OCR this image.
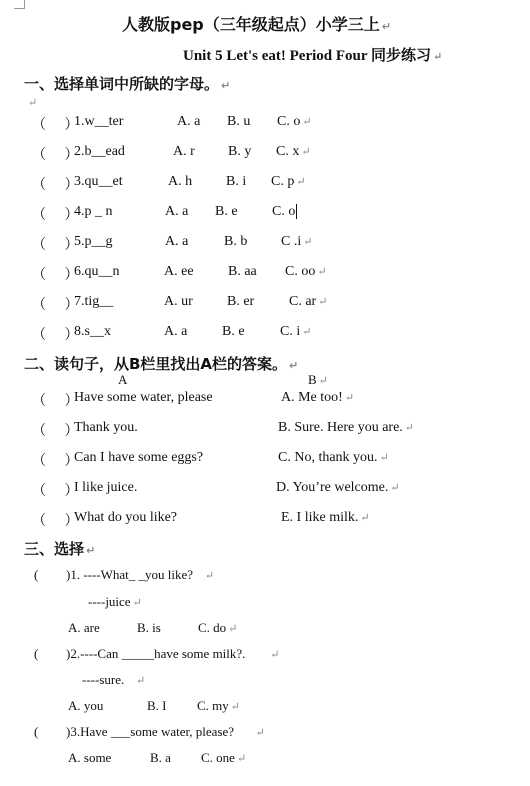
人教版pep（三年级起点）小学三上 ↵
Unit 5 Let's eat! Period Four 同步练习 ↵
一、选择单词中所缺的字母。 ↵
↵
（ ）
1.w__ter	A. a B. u C. o ↵
（ ）
2.b__ead	A. r B. y C. x ↵
（ ）
3.qu__et	A. h B. i C. p ↵
（ ）
4.p _ n	A. a B. e C. o
（ ）
5.p__g	A. a	B. b C .i ↵
（ ）
6.qu__n	A. ee B. aa C. oo ↵
（ ）
7.tig__	A. ur B. er C. ar ↵
（ ）
8.s__x	A. a B. e	C. i ↵
二、读句子，从B栏里找出A栏的答案。 ↵
A	B ↵
（ ）
Have some water, please	A. Me too! ↵
（ ）
Thank you.	B. Sure. Here you are. ↵
（ ）
Can I have some eggs?	C. No, thank you. ↵
（ ）
I like juice.	D. You’re welcome. ↵
（ ）
What do you like?	E. I like milk. ↵
三、选择 ↵
( )1. ----What_ _you like? ↵
----juice ↵
A. are	B. is	C. do ↵
( )2.----Can _____have some milk?. ↵
----sure. ↵
A. you	B. I C. my ↵
( )3.Have ___some water, please? ↵
A. some	B. a C. one ↵
